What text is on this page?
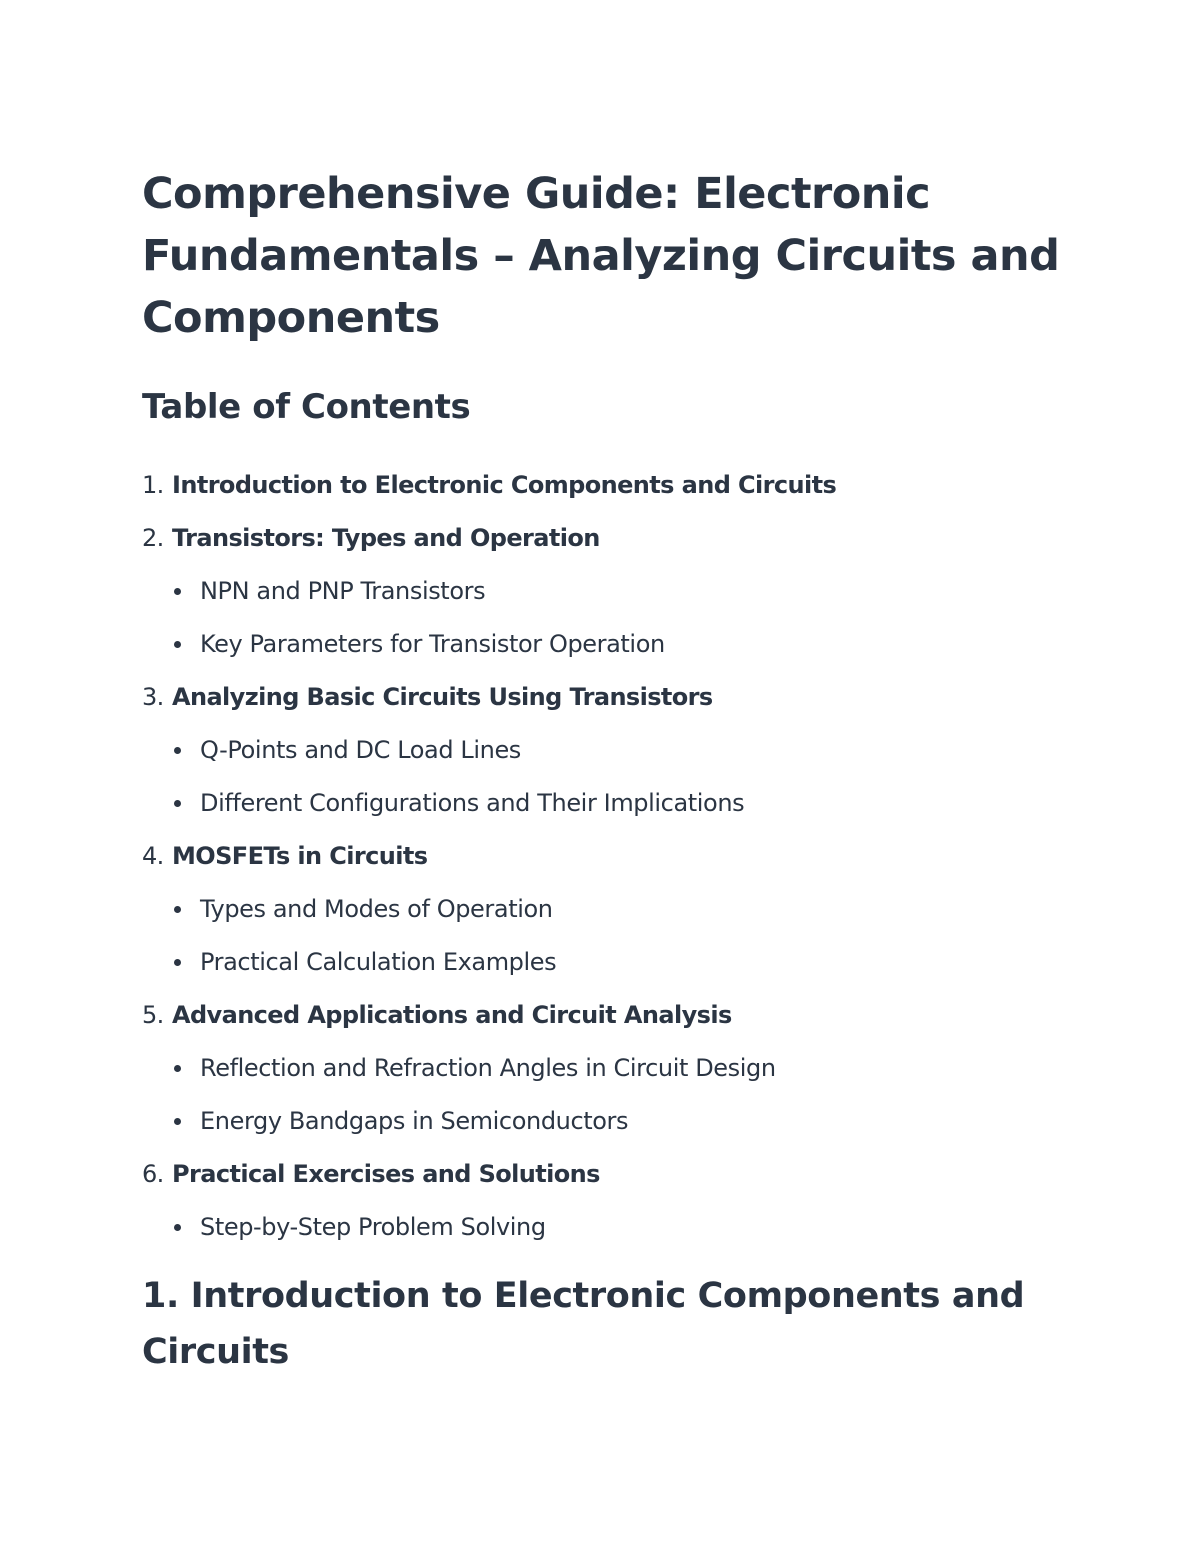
Comprehensive Guide: Electronic Fundamentals – Analyzing Circuits and Components
Table of Contents
1. Introduction to Electronic Components and Circuits
2. Transistors: Types and Operation
NPN and PNP Transistors
Key Parameters for Transistor Operation
3. Analyzing Basic Circuits Using Transistors
Q-Points and DC Load Lines
Different Configurations and Their Implications
4. MOSFETs in Circuits
Types and Modes of Operation
Practical Calculation Examples
5. Advanced Applications and Circuit Analysis
Reflection and Refraction Angles in Circuit Design
Energy Bandgaps in Semiconductors
6. Practical Exercises and Solutions
Step-by-Step Problem Solving
1. Introduction to Electronic Components and Circuits
